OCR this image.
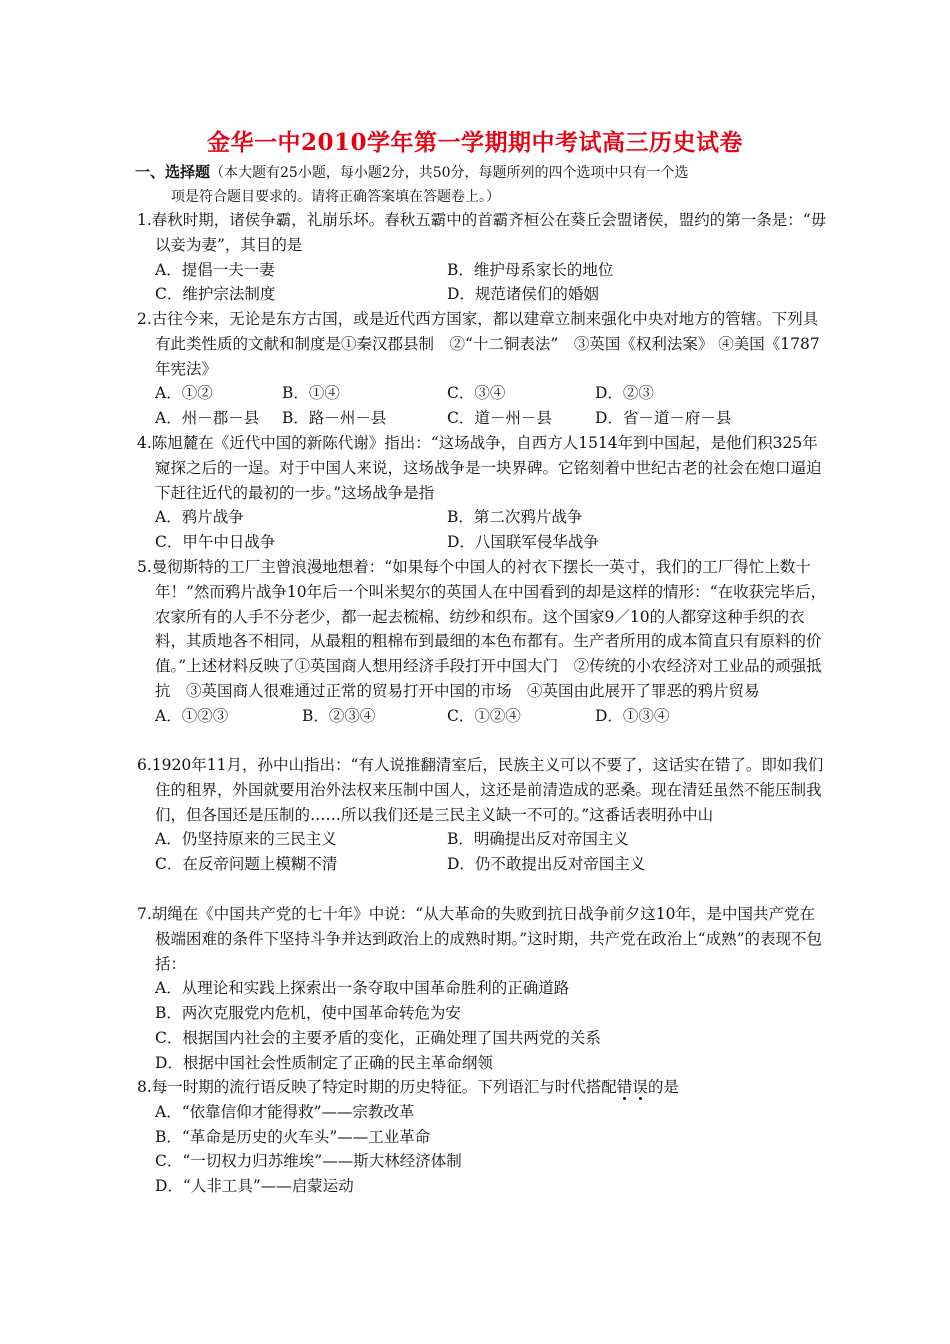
金华一中2010学年第一学期期中考试高三历史试卷
一、选择题（本大题有25小题，每小题2分，共50分，每题所列的四个选项中只有一个选
项是符合题目要求的。请将正确答案填在答题卷上。）
1.春秋时期，诸侯争霸，礼崩乐坏。春秋五霸中的首霸齐桓公在葵丘会盟诸侯，盟约的第一条是：“毋以妾为妻”，其目的是
A．提倡一夫一妻	B．维护母系家长的地位
C．维护宗法制度	D．规范诸侯们的婚姻
2.古往今来，无论是东方古国，或是近代西方国家，都以建章立制来强化中央对地方的管辖。下列具有此类性质的文献和制度是①秦汉郡县制　②“十二铜表法”　③英国《权利法案》 ④美国《1787年宪法》
A．①②	B．①④	C．③④	D．②③
A．州－郡－县 B．路－州－县	C．道－州－县	D．省－道－府－县
4.陈旭麓在《近代中国的新陈代谢》指出：“这场战争，自西方人1514年到中国起，是他们积325年窥探之后的一逞。对于中国人来说，这场战争是一块界碑。它铭刻着中世纪古老的社会在炮口逼迫下赶往近代的最初的一步。”这场战争是指
A．鸦片战争	B．第二次鸦片战争
C．甲午中日战争	D．八国联军侵华战争
5.曼彻斯特的工厂主曾浪漫地想着：“如果每个中国人的衬衣下摆长一英寸，我们的工厂得忙上数十年！”然而鸦片战争10年后一个叫米契尔的英国人在中国看到的却是这样的情形：“在收获完毕后，农家所有的人手不分老少，都一起去梳棉、纺纱和织布。这个国家9／10的人都穿这种手织的衣料，其质地各不相同，从最粗的粗棉布到最细的本色布都有。生产者所用的成本简直只有原料的价值。”上述材料反映了①英国商人想用经济手段打开中国大门　②传统的小农经济对工业品的顽强抵抗　③英国商人很难通过正常的贸易打开中国的市场　④英国由此展开了罪恶的鸦片贸易
A．①②③	B．②③④	C．①②④	D．①③④
6.1920年11月，孙中山指出：“有人说推翻清室后，民族主义可以不要了，这话实在错了。即如我们住的租界，外国就要用治外法权来压制中国人，这还是前清造成的恶桑。现在清廷虽然不能压制我们，但各国还是压制的……所以我们还是三民主义缺一不可的。”这番话表明孙中山
A．仍坚持原来的三民主义	B．明确提出反对帝国主义
C．在反帝问题上模糊不清	D．仍不敢提出反对帝国主义
7.胡绳在《中国共产党的七十年》中说：“从大革命的失败到抗日战争前夕这10年，是中国共产党在极端困难的条件下坚持斗争并达到政治上的成熟时期。”这时期，共产党在政治上“成熟”的表现不包括：
A．从理论和实践上探索出一条夺取中国革命胜利的正确道路
B．两次克服党内危机，使中国革命转危为安
C．根据国内社会的主要矛盾的变化，正确处理了国共两党的关系
D．根据中国社会性质制定了正确的民主革命纲领
8.每一时期的流行语反映了特定时期的历史特征。下列语汇与时代搭配错误的是
A．“依靠信仰才能得救”——宗教改革
B．“革命是历史的火车头”——工业革命
C．“一切权力归苏维埃”——斯大林经济体制
D．“人非工具”——启蒙运动
